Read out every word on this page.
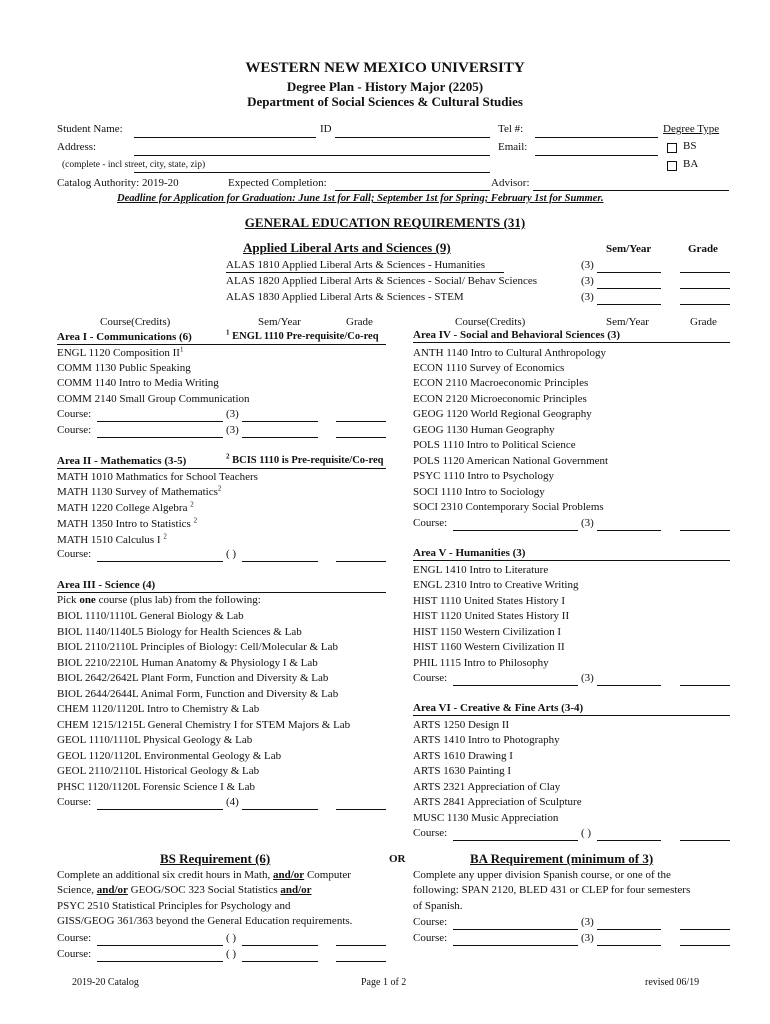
WESTERN NEW MEXICO UNIVERSITY
Degree Plan - History Major (2205)
Department of Social Sciences & Cultural Studies
Student Name:	ID	Tel #:	Degree Type
Address:	Email:	BS
(complete - incl street, city, state, zip)	BA
Catalog Authority: 2019-20	Expected Completion:	Advisor:
Deadline for Application for Graduation: June 1st for Fall; September 1st for Spring; February 1st for Summer.
GENERAL EDUCATION REQUIREMENTS (31)
Applied Liberal Arts and Sciences (9)	Sem/Year	Grade
ALAS 1810 Applied Liberal Arts & Sciences - Humanities	(3)
ALAS 1820 Applied Liberal Arts & Sciences - Social/ Behav Sciences	(3)
ALAS 1830 Applied Liberal Arts & Sciences - STEM	(3)
Course(Credits)	Sem/Year	Grade	Course(Credits)	Sem/Year	Grade
Area I - Communications (6)	$^1$ ENGL 1110 Pre-requisite/Co-req
ENGL 1120 Composition $II^1$
COMM 1130 Public Speaking
COMM 1140 Intro to Media Writing
COMM 2140 Small Group Communication
Course:	(3)
Course:	(3)
Area II - Mathematics (3-5)	$^2$ BCIS 1110 is Pre-requisite/Co-req
MATH 1010 Mathmatics for School Teachers
MATH 1130 Survey of Mathematics$^2$
MATH 1220 College Algebra $^2$
MATH 1350 Intro to Statistics $^2$
MATH 1510 Calculus I $^2$
Course:	( )
Area III - Science (4)
Pick one course (plus lab) from the following:
BIOL 1110/1110L General Biology & Lab
BIOL 1140/1140L5 Biology for Health Sciences & Lab
BIOL 2110/2110L Principles of Biology: Cell/Molecular & Lab
BIOL 2210/2210L Human Anatomy & Physiology I & Lab
BIOL 2642/2642L Plant Form, Function and Diversity & Lab
BIOL 2644/2644L Animal Form, Function and Diversity & Lab
CHEM 1120/1120L Intro to Chemistry & Lab
CHEM 1215/1215L General Chemistry I for STEM Majors & Lab
GEOL 1110/1110L Physical Geology & Lab
GEOL 1120/1120L Environmental Geology & Lab
GEOL 2110/2110L Historical Geology & Lab
PHSC 1120/1120L Forensic Science I & Lab
Course:	(4)
Area IV - Social and Behavioral Sciences (3)
ANTH 1140 Intro to Cultural Anthropology
ECON 1110 Survey of Economics
ECON 2110 Macroeconomic Principles
ECON 2120 Microeconomic Principles
GEOG 1120 World Regional Geography
GEOG 1130 Human Geography
POLS 1110 Intro to Political Science
POLS 1120 American National Government
PSYC 1110 Intro to Psychology
SOCI 1110 Intro to Sociology
SOCI 2310 Contemporary Social Problems
Course:	(3)
Area V - Humanities (3)
ENGL 1410 Intro to Literature
ENGL 2310 Intro to Creative Writing
HIST 1110 United States History I
HIST 1120 United States History II
HIST 1150 Western Civilization I
HIST 1160 Western Civilization II
PHIL 1115 Intro to Philosophy
Course:	(3)
Area VI - Creative & Fine Arts (3-4)
ARTS 1250 Design II
ARTS 1410 Intro to Photography
ARTS 1610 Drawing I
ARTS 1630 Painting I
ARTS 2321 Appreciation of Clay
ARTS 2841 Appreciation of Sculpture
MUSC 1130 Music Appreciation
Course:	( )
BS Requirement (6)	OR
Complete an additional six credit hours in Math, and/or Computer
Science, and/or GEOG/SOC 323 Social Statistics and/or
PSYC 2510 Statistical Principles for Psychology and
GISS/GEOG 361/363 beyond the General Education requirements.
Course:	( )
Course:	( )
BA Requirement (minimum of 3)
Complete any upper division Spanish course, or one of the
following: SPAN 2120, BLED 431 or CLEP for four semesters
of Spanish.
Course:	(3)
Course:	(3)
2019-20 Catalog	Page 1 of 2	revised 06/19
